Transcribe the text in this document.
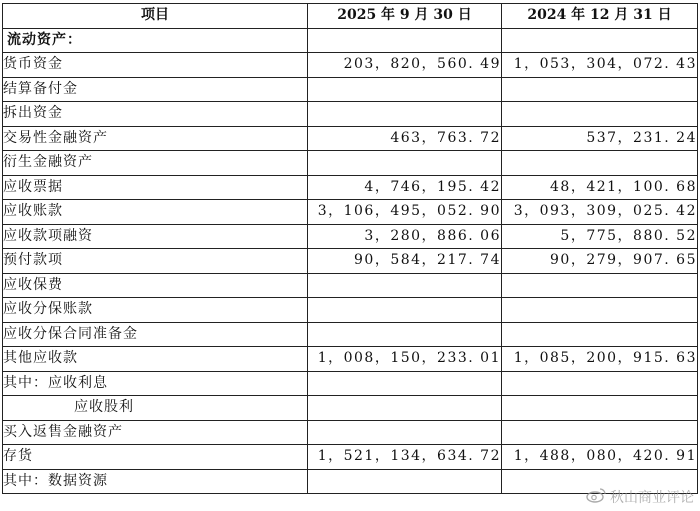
项目	2025 年 9 月 30 日	2024 年 12 月 31 日
流动资产：		
货币资金	203，820，560. 49	1，053，304，072. 43
结算备付金		
拆出资金		
交易性金融资产	463，763. 72	537，231. 24
衍生金融资产		
应收票据	4，746，195. 42	48，421，100. 68
应收账款	3，106，495，052. 90	3，093，309，025. 42
应收款项融资	3，280，886. 06	5，775，880. 52
预付款项	90，584，217. 74	90，279，907. 65
应收保费		
应收分保账款		
应收分保合同准备金		
其他应收款	1，008，150，233. 01	1，085，200，915. 63
其中：应收利息		
应收股利		
买入返售金融资产		
存货	1，521，134，634. 72	1，488，080，420. 91
其中：数据资源		
秋山商业评论
